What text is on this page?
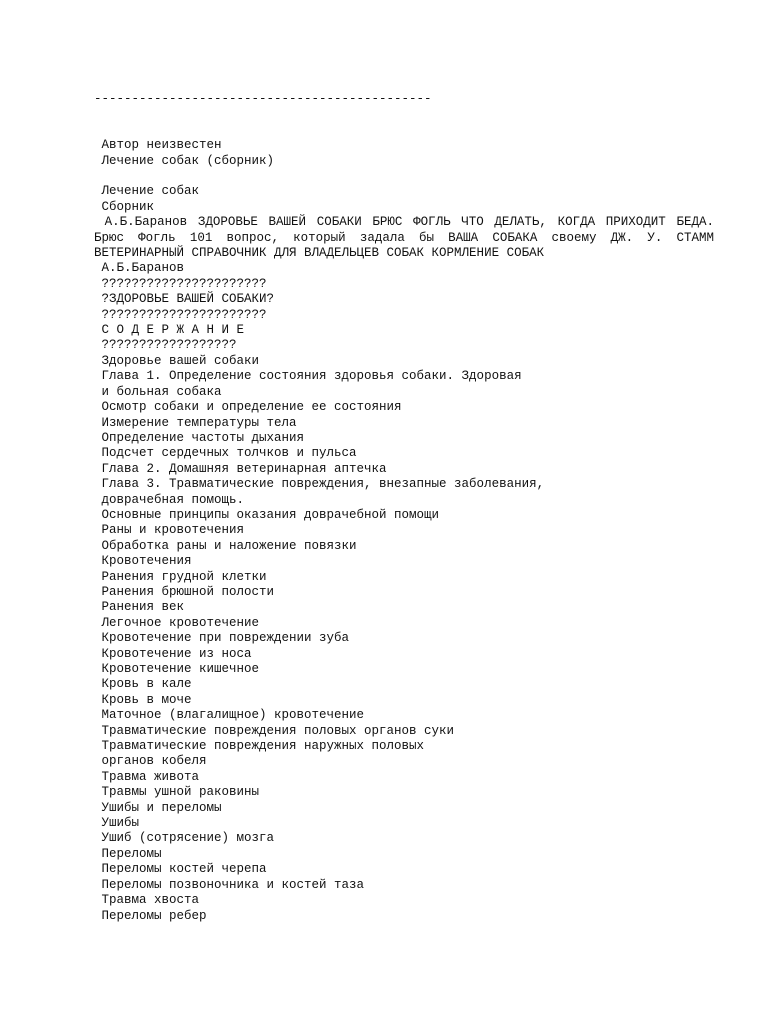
---------------------------------------------
Автор неизвестен
Лечение собак (сборник)
Лечение собак
Сборник
А.Б.Баранов ЗДОРОВЬЕ ВАШЕЙ СОБАКИ БРЮС ФОГЛЬ ЧТО ДЕЛАТЬ, КОГДА ПРИХОДИТ БЕДА. Брюс Фогль 101 вопрос, который задала бы ВАША СОБАКА своему ДЖ. У. СТАММ ВЕТЕРИНАРНЫЙ СПРАВОЧНИК ДЛЯ ВЛАДЕЛЬЦЕВ СОБАК КОРМЛЕНИЕ СОБАК
А.Б.Баранов
??????????????????????
?ЗДОРОВЬЕ ВАШЕЙ СОБАКИ?
??????????????????????
С О Д Е Р Ж А Н И Е
??????????????????
Здоровье вашей собаки
Глава 1. Определение состояния здоровья собаки. Здоровая
и больная собака
Осмотр собаки и определение ее состояния
Измерение температуры тела
Определение частоты дыхания
Подсчет сердечных толчков и пульса
Глава 2. Домашняя ветеринарная аптечка
Глава 3. Травматические повреждения, внезапные заболевания,
доврачебная помощь.
Основные принципы оказания доврачебной помощи
Раны и кровотечения
Обработка раны и наложение повязки
Кровотечения
Ранения грудной клетки
Ранения брюшной полости
Ранения век
Легочное кровотечение
Кровотечение при повреждении зуба
Кровотечение из носа
Кровотечение кишечное
Кровь в кале
Кровь в моче
Маточное (влагалищное) кровотечение
Травматические повреждения половых органов суки
Травматические повреждения наружных половых
органов кобеля
Травма живота
Травмы ушной раковины
Ушибы и переломы
Ушибы
Ушиб (сотрясение) мозга
Переломы
Переломы костей черепа
Переломы позвоночника и костей таза
Травма хвоста
Переломы ребер
